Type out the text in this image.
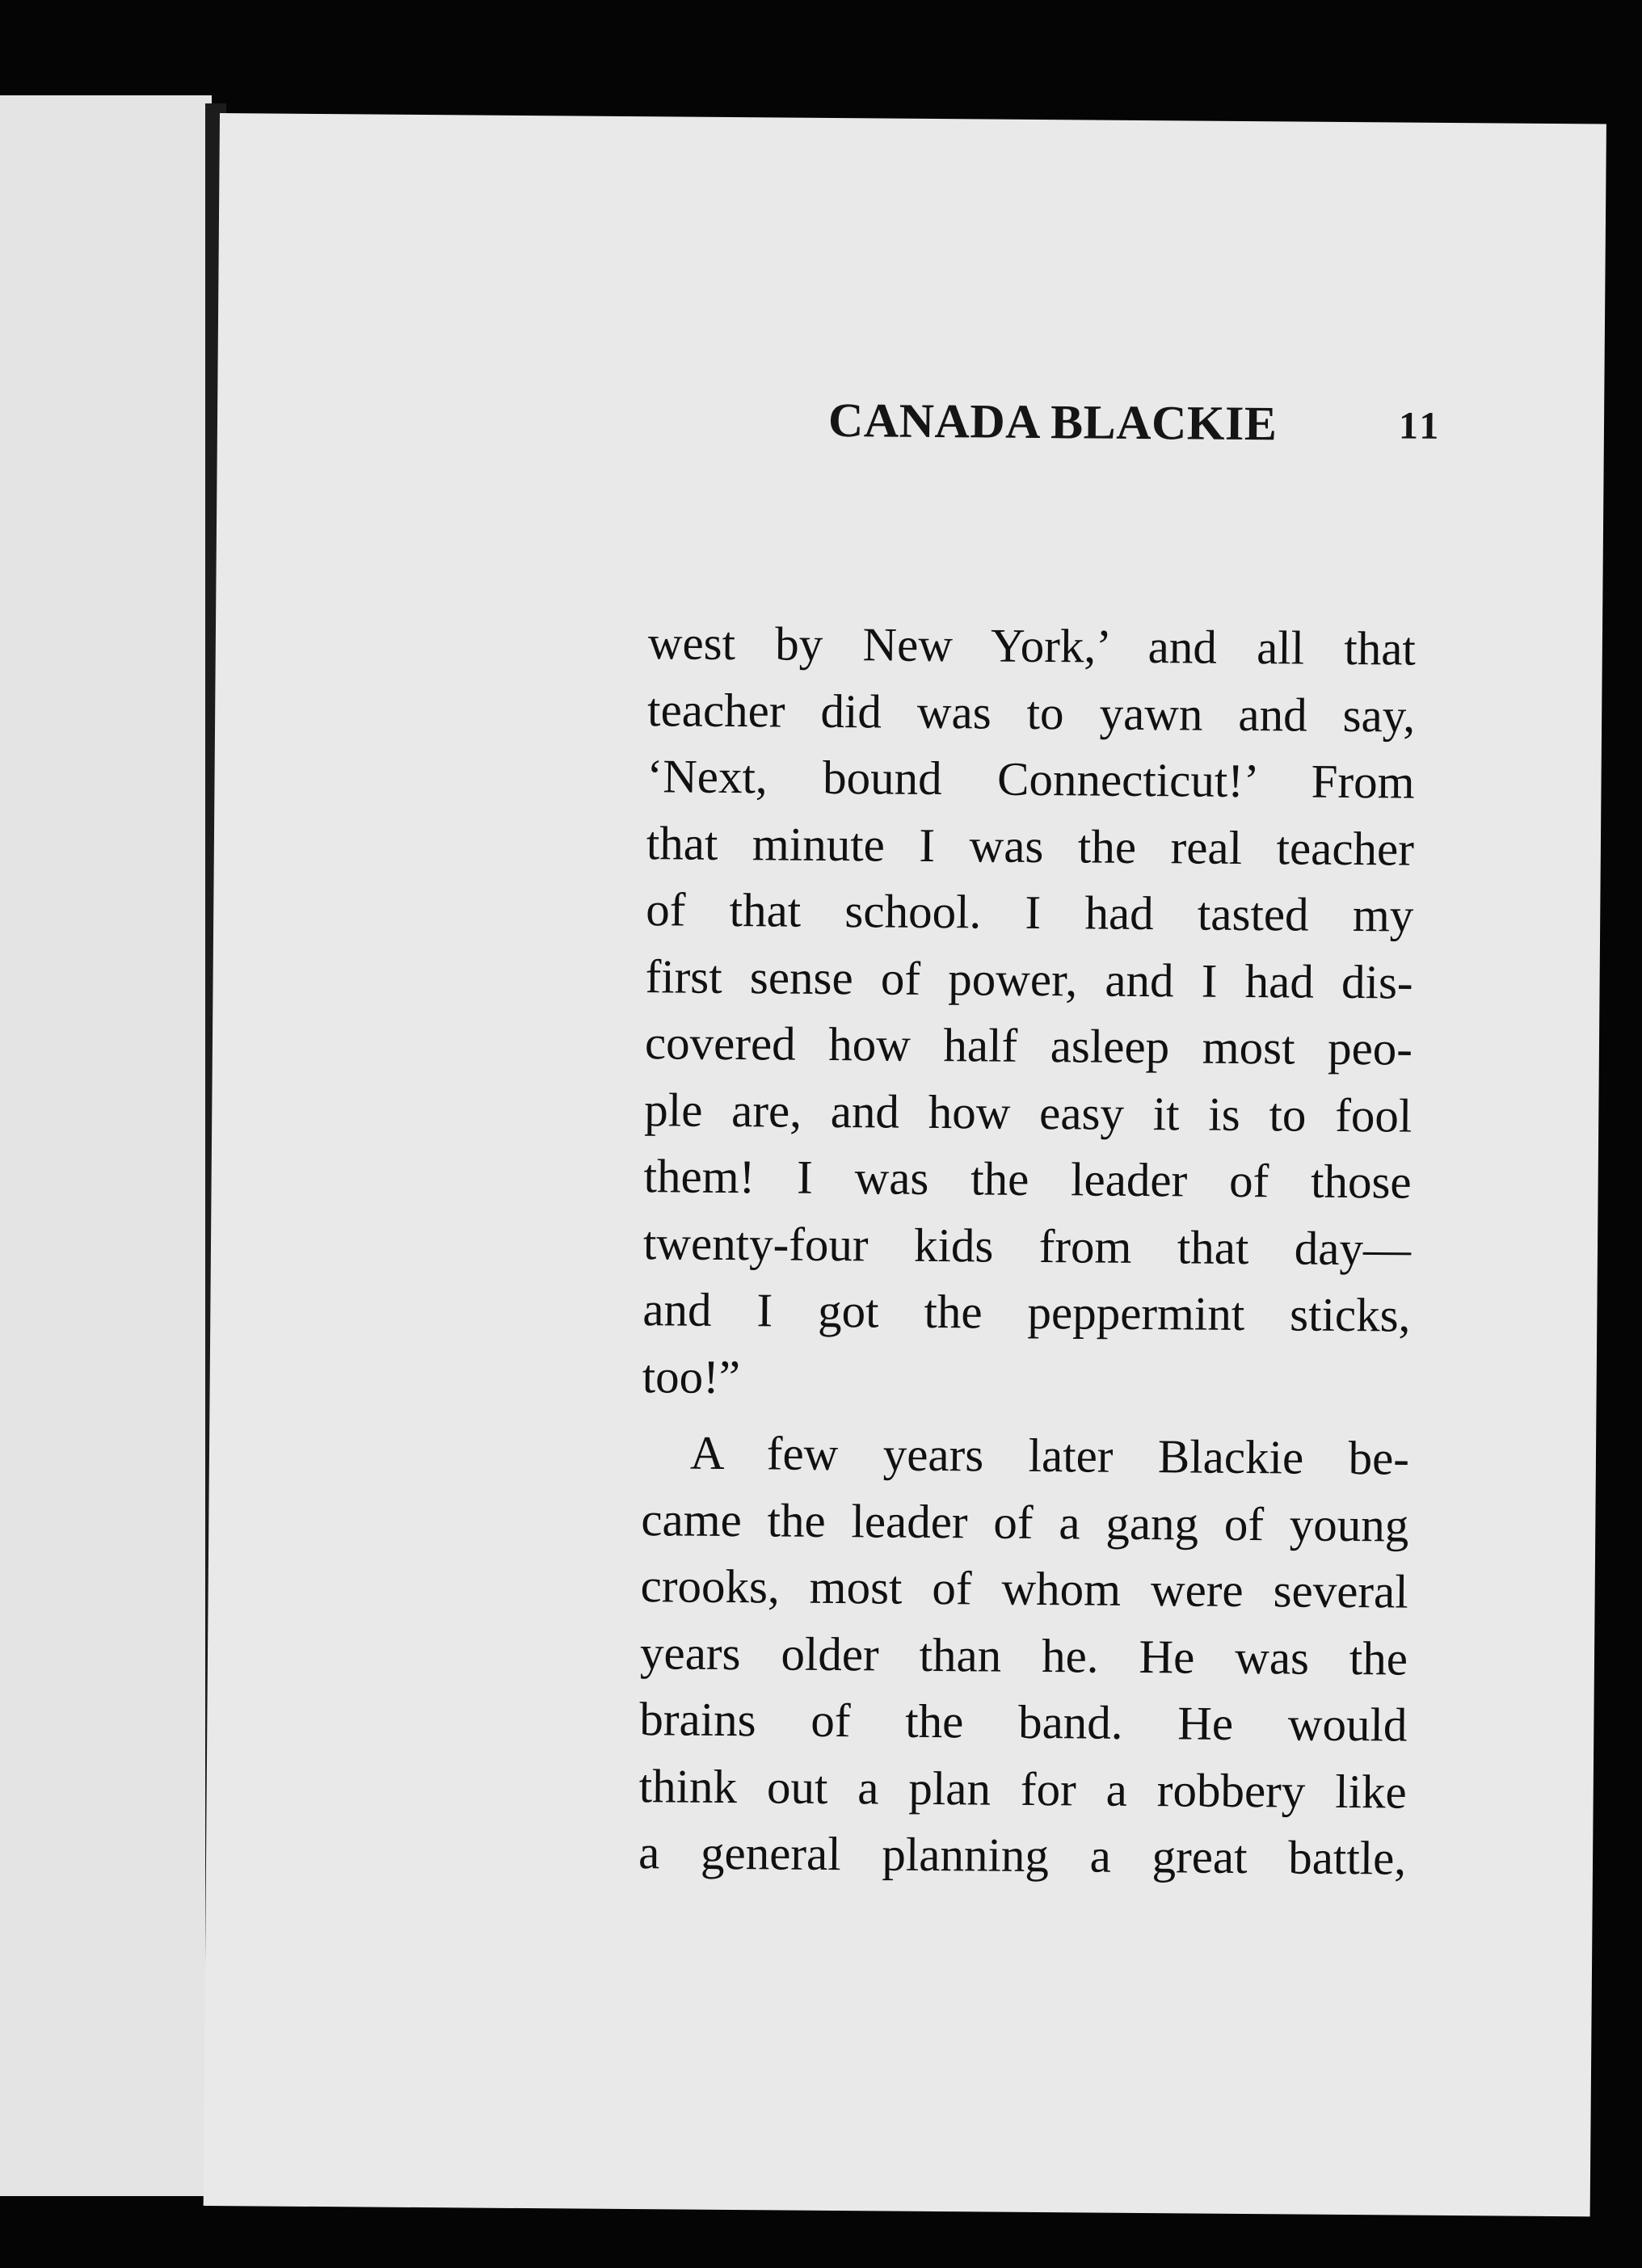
CANADA BLACKIE	11
west by New York,’ and all that
teacher did was to yawn and say,
‘Next, bound Connecticut!’ From
that minute I was the real teacher
of that school. I had tasted my
first sense of power, and I had dis-
covered how half asleep most peo-
ple are, and how easy it is to fool
them! I was the leader of those
twenty-four kids from that day—
and I got the peppermint sticks,
too!”
A few years later Blackie be-
came the leader of a gang of young
crooks, most of whom were several
years older than he. He was the
brains of the band. He would
think out a plan for a robbery like
a general planning a great battle,
